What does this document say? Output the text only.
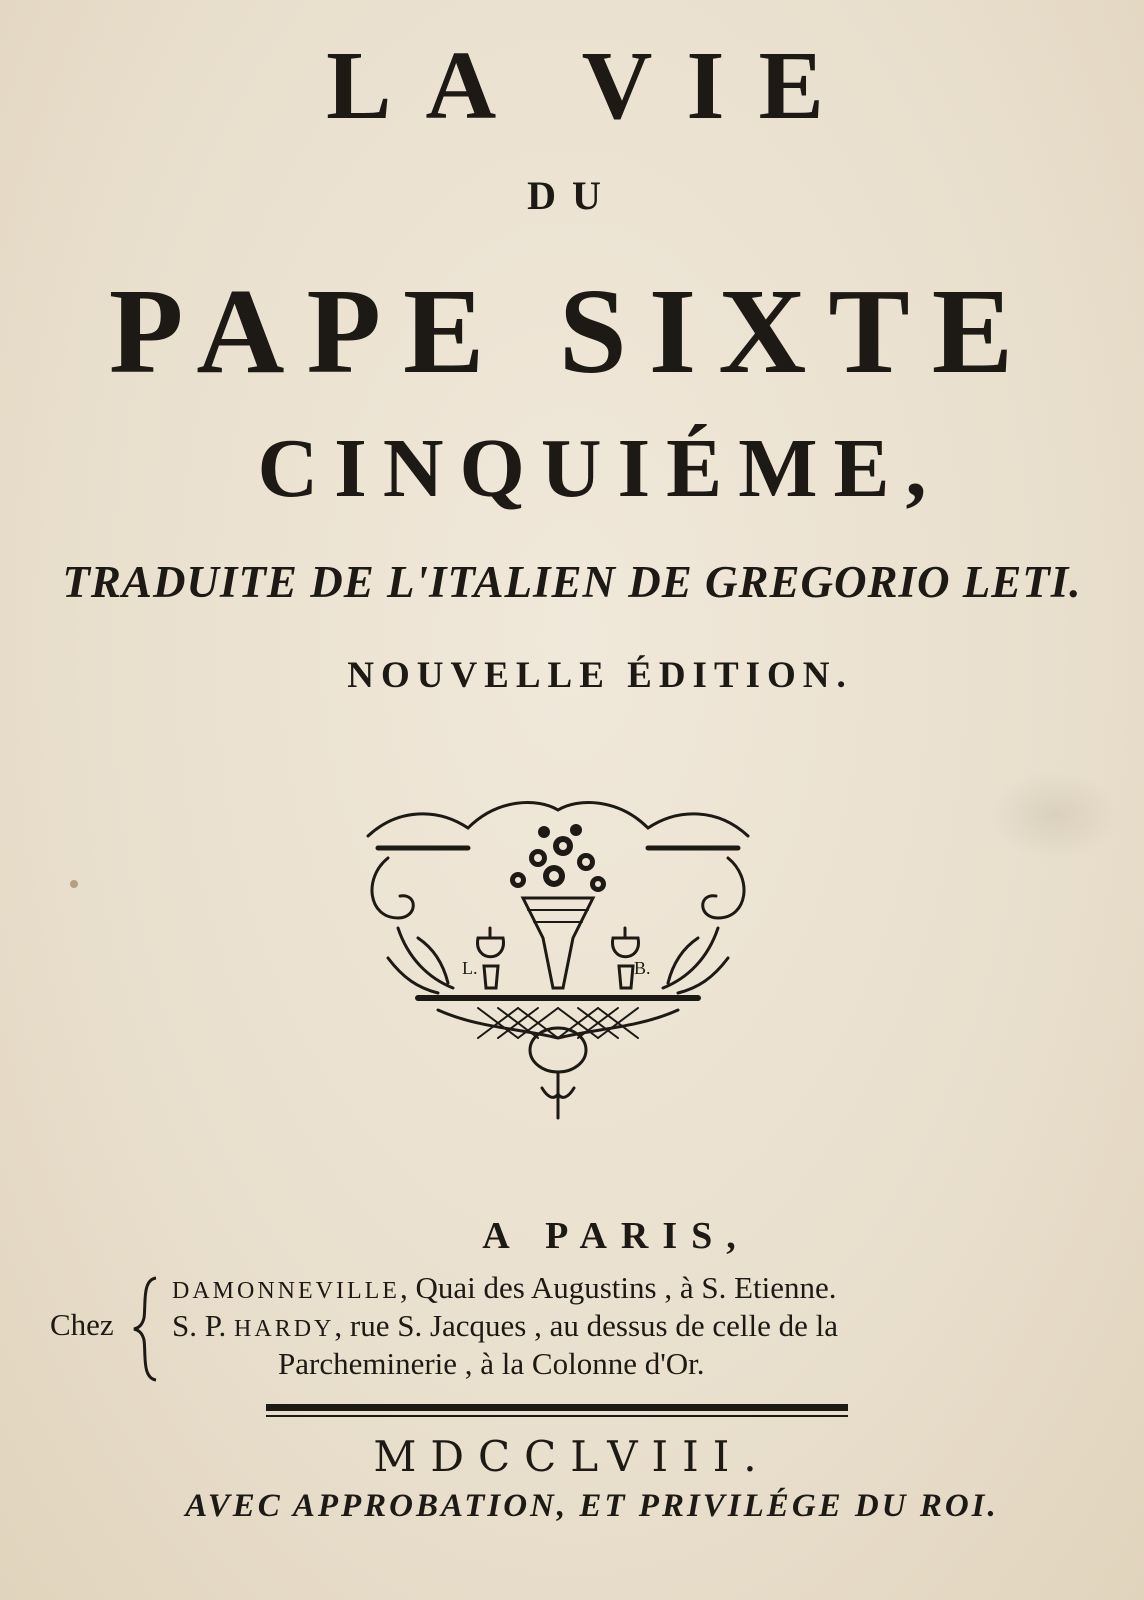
LA VIE
DU
PAPE SIXTE
CINQUIÉME,
TRADUITE DE L'ITALIEN DE GREGORIO LETI.
NOUVELLE ÉDITION.
L.	B.
A PARIS,

Chez

DAMONNEVILLE, Quai des Augustins , à S. Etienne.

S. P. HARDY, rue S. Jacques , au dessus de celle de la

Parcheminerie , à la Colonne d'Or.

MDCCLVIII.
AVEC APPROBATION, ET PRIVILÉGE DU ROI.
